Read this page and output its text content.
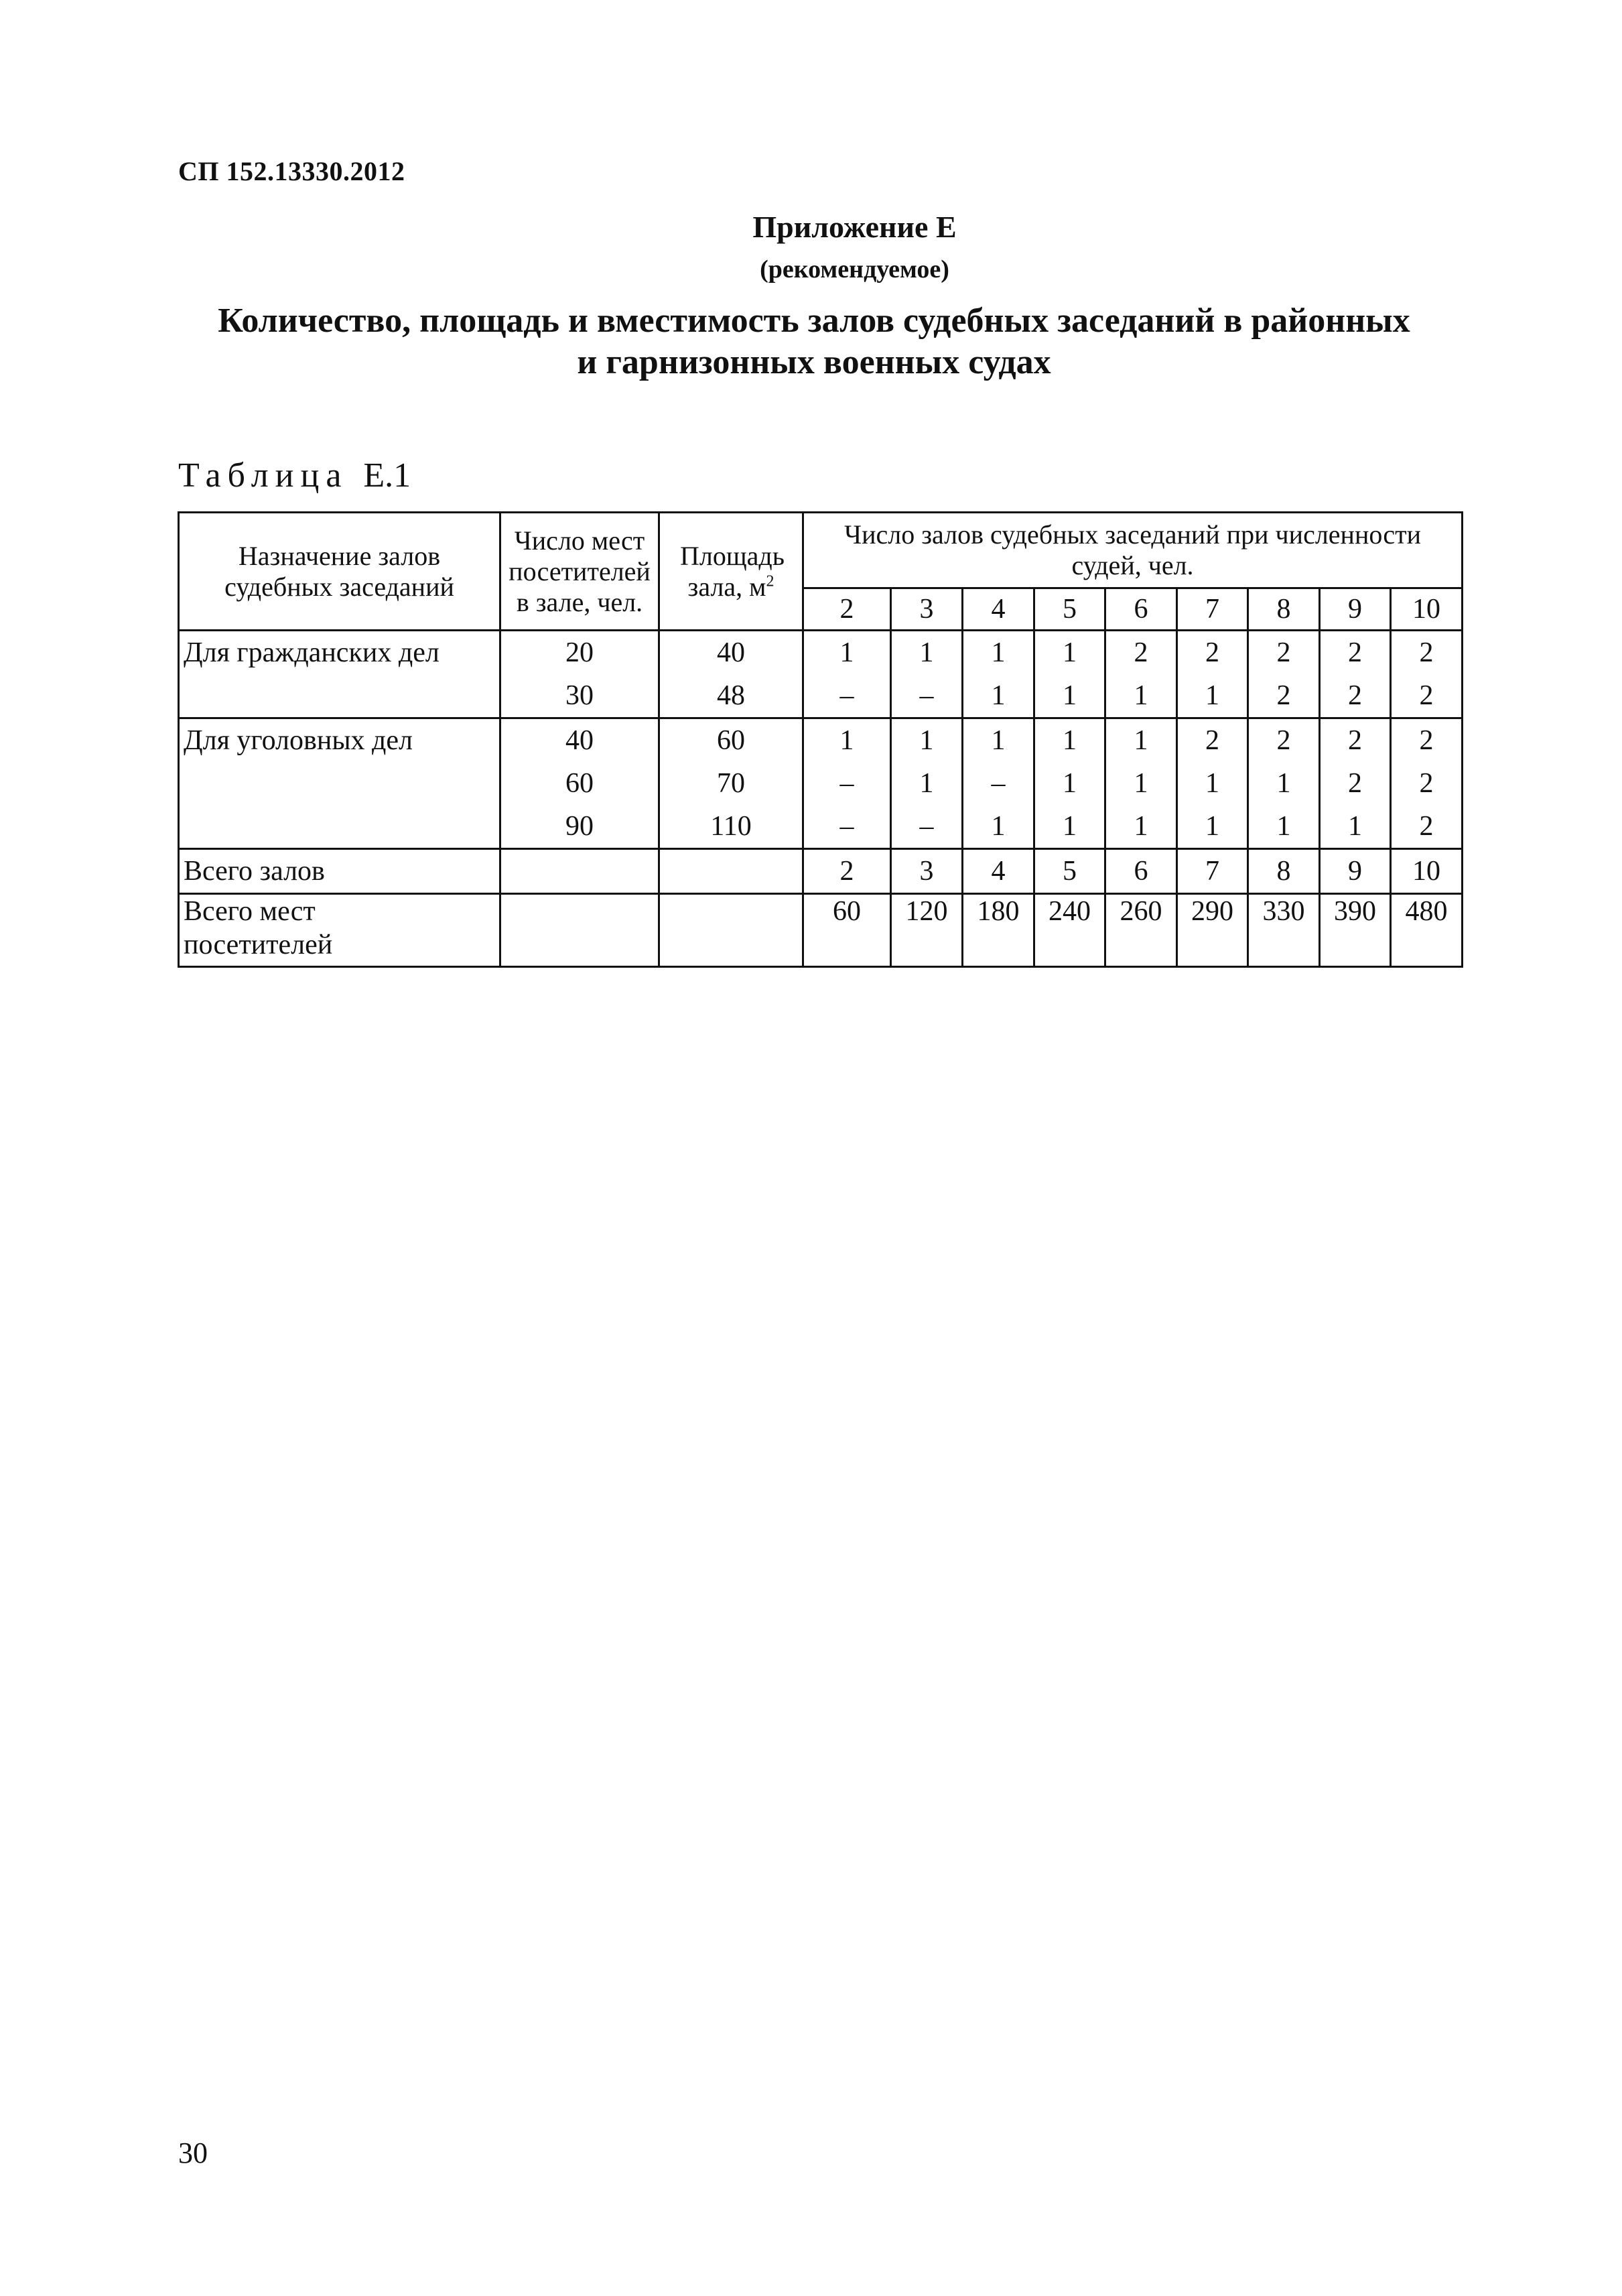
СП 152.13330.2012
Приложение Е
(рекомендуемое)
Количество, площадь и вместимость залов судебных заседаний в районных
и гарнизонных военных судах
Таблица Е.1
Назначение залов судебных заседаний	Число мест посетителей в зале, чел.	Площадь зала, $м^2$	Число залов судебных заседаний при численности судей, чел.								
			2	3	4	5	6	7	8	9	10
Для гражданских дел	20	40	1	1	1	1	2	2	2	2	2
	30	48	–	–	1	1	1	1	2	2	2
Для уголовных дел	40	60	1	1	1	1	1	2	2	2	2
	60	70	–	1	–	1	1	1	1	2	2
	90	110	–	–	1	1	1	1	1	1	2
Всего залов			2	3	4	5	6	7	8	9	10

Всего мест
посетителей			60	120	180	240	260	290	330	390	480
30
